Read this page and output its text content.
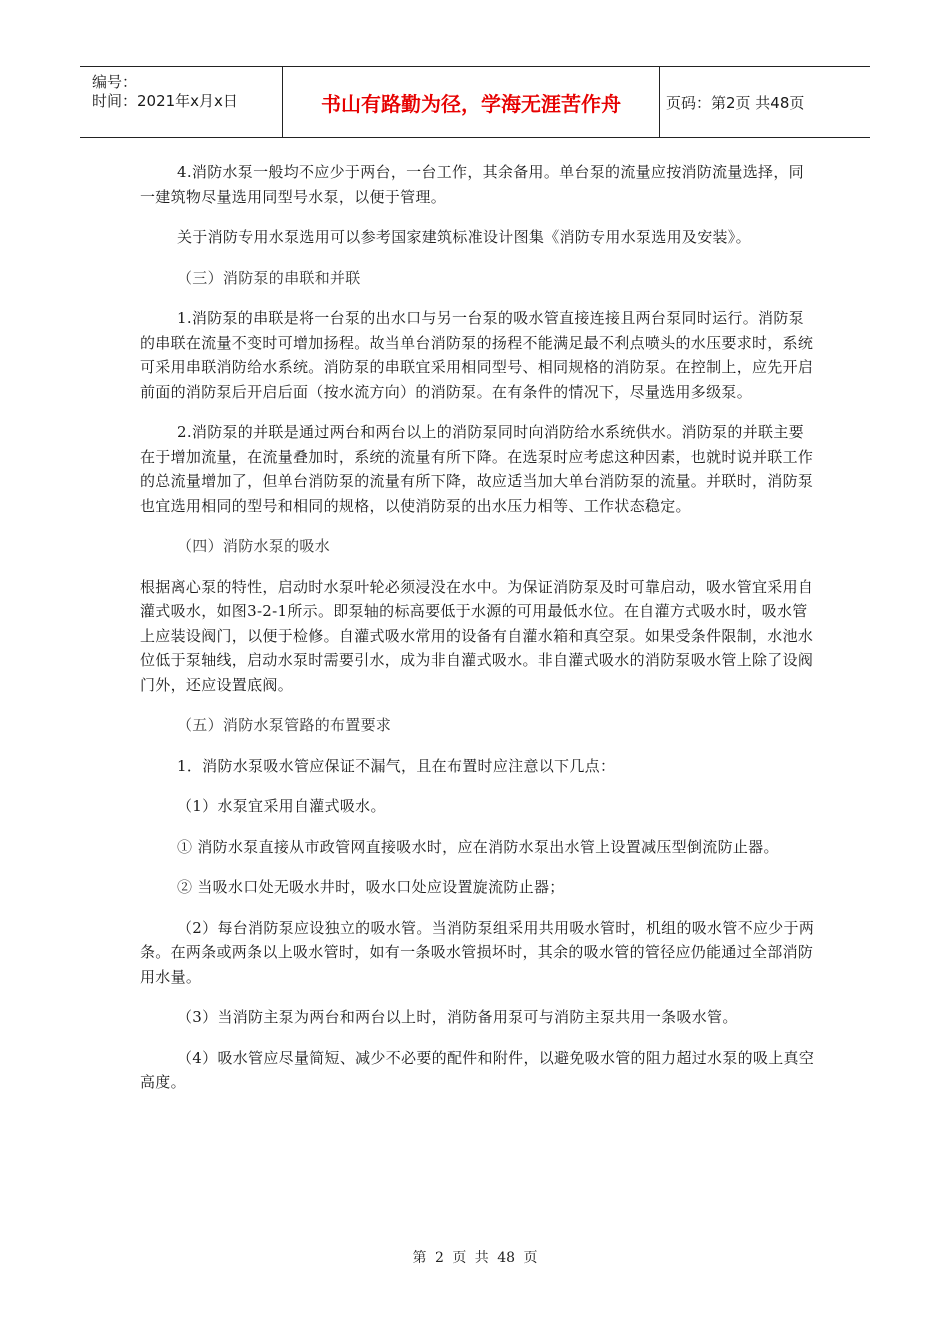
编号：
时间：2021年x月x日	书山有路勤为径，学海无涯苦作舟	页码：第2页 共48页

4.消防水泵一般均不应少于两台，一台工作，其余备用。单台泵的流量应按消防流量选择，同一建筑物尽量选用同型号水泵，以便于管理。

关于消防专用水泵选用可以参考国家建筑标准设计图集《消防专用水泵选用及安装》。

（三）消防泵的串联和并联

1.消防泵的串联是将一台泵的出水口与另一台泵的吸水管直接连接且两台泵同时运行。消防泵的串联在流量不变时可增加扬程。故当单台消防泵的扬程不能满足最不利点喷头的水压要求时，系统可采用串联消防给水系统。消防泵的串联宜采用相同型号、相同规格的消防泵。在控制上，应先开启前面的消防泵后开启后面（按水流方向）的消防泵。在有条件的情况下，尽量选用多级泵。

2.消防泵的并联是通过两台和两台以上的消防泵同时向消防给水系统供水。消防泵的并联主要在于增加流量，在流量叠加时，系统的流量有所下降。在选泵时应考虑这种因素，也就时说并联工作的总流量增加了，但单台消防泵的流量有所下降，故应适当加大单台消防泵的流量。并联时，消防泵也宜选用相同的型号和相同的规格，以使消防泵的出水压力相等、工作状态稳定。

（四）消防水泵的吸水

根据离心泵的特性，启动时水泵叶轮必须浸没在水中。为保证消防泵及时可靠启动，吸水管宜采用自灌式吸水，如图3-2-1所示。即泵轴的标高要低于水源的可用最低水位。在自灌方式吸水时，吸水管上应装设阀门，以便于检修。自灌式吸水常用的设备有自灌水箱和真空泵。如果受条件限制，水池水位低于泵轴线，启动水泵时需要引水，成为非自灌式吸水。非自灌式吸水的消防泵吸水管上除了设阀门外，还应设置底阀。

（五）消防水泵管路的布置要求

1．消防水泵吸水管应保证不漏气，且在布置时应注意以下几点：

（1）水泵宜采用自灌式吸水。

① 消防水泵直接从市政管网直接吸水时，应在消防水泵出水管上设置减压型倒流防止器。

② 当吸水口处无吸水井时，吸水口处应设置旋流防止器；

（2）每台消防泵应设独立的吸水管。当消防泵组采用共用吸水管时，机组的吸水管不应少于两条。在两条或两条以上吸水管时，如有一条吸水管损坏时，其余的吸水管的管径应仍能通过全部消防用水量。

（3）当消防主泵为两台和两台以上时，消防备用泵可与消防主泵共用一条吸水管。

（4）吸水管应尽量简短、减少不必要的配件和附件，以避免吸水管的阻力超过水泵的吸上真空高度。

第 2 页 共 48 页
